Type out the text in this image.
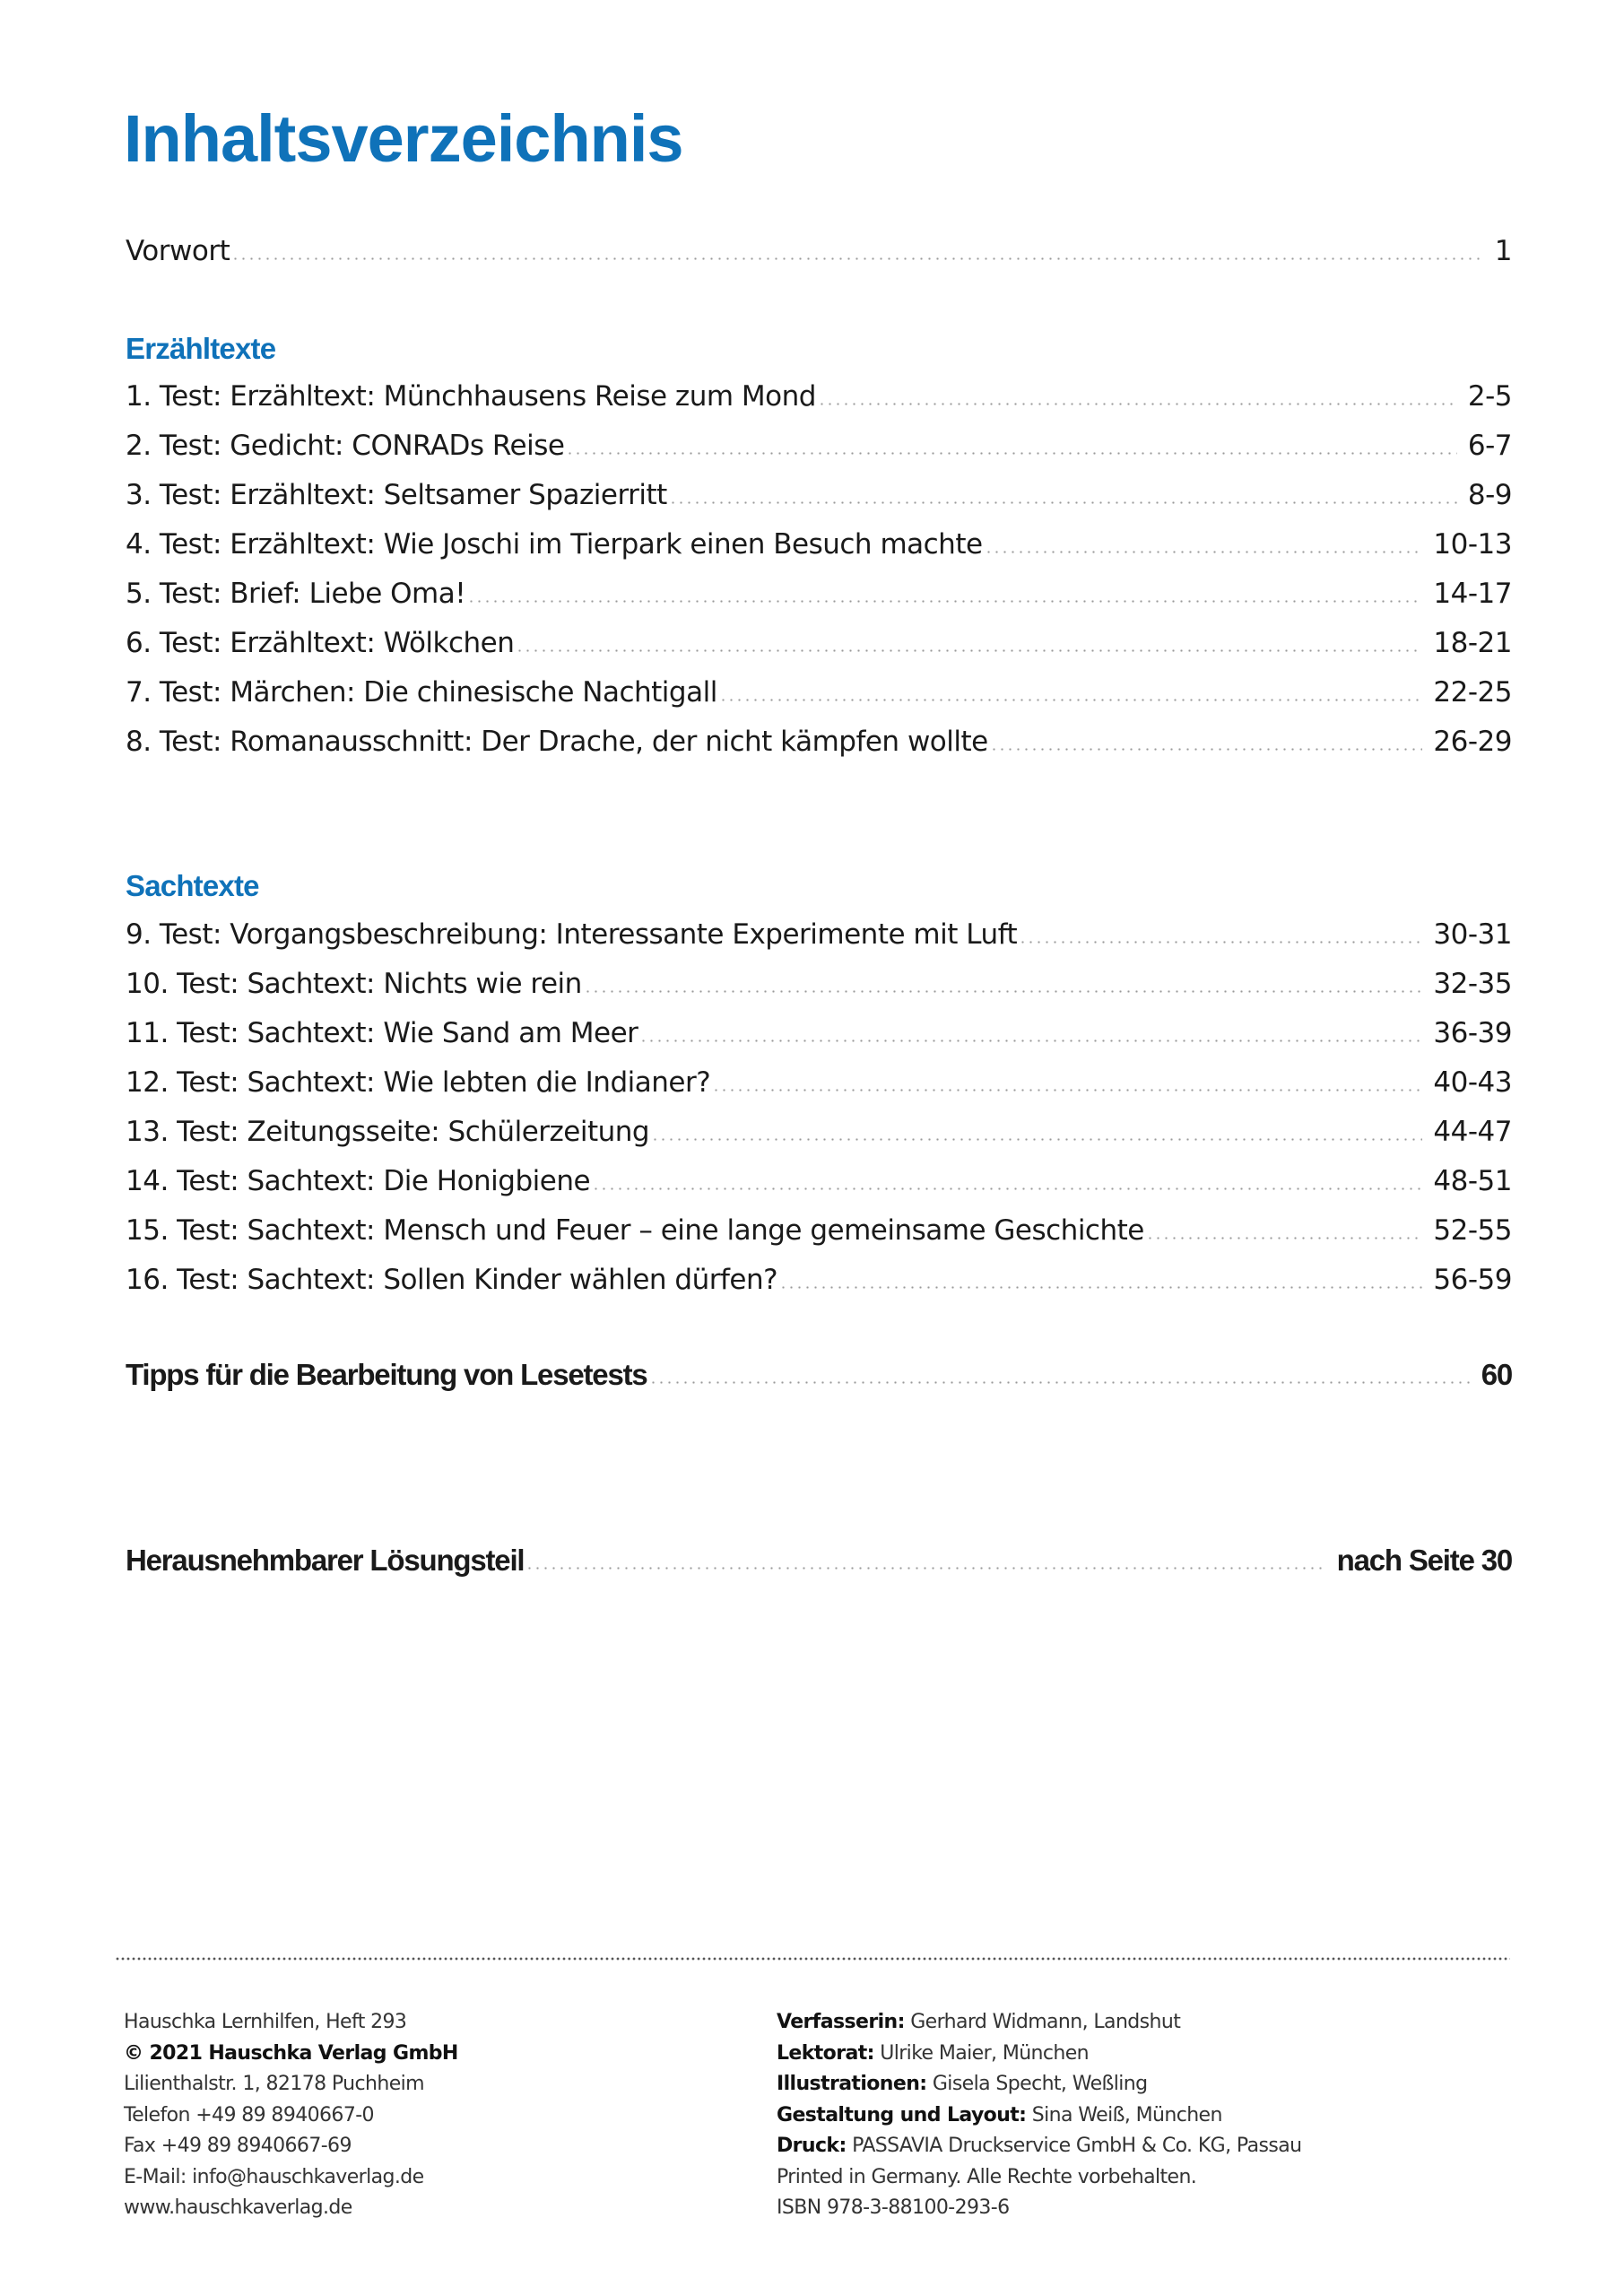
Inhaltsverzeichnis
Vorwort	1
Erzähltexte
1. Test: Erzähltext: Münchhausens Reise zum Mond	2-5
2. Test: Gedicht: CONRADs Reise	6-7
3. Test: Erzähltext: Seltsamer Spazierritt	8-9
4. Test: Erzähltext: Wie Joschi im Tierpark einen Besuch machte	10-13
5. Test: Brief: Liebe Oma!	14-17
6. Test: Erzähltext: Wölkchen	18-21
7. Test: Märchen: Die chinesische Nachtigall	22-25
8. Test: Romanausschnitt: Der Drache, der nicht kämpfen wollte	26-29
Sachtexte
9. Test: Vorgangsbeschreibung: Interessante Experimente mit Luft	30-31
10. Test: Sachtext: Nichts wie rein	32-35
11. Test: Sachtext: Wie Sand am Meer	36-39
12. Test: Sachtext: Wie lebten die Indianer?	40-43
13. Test: Zeitungsseite: Schülerzeitung	44-47
14. Test: Sachtext: Die Honigbiene	48-51
15. Test: Sachtext: Mensch und Feuer – eine lange gemeinsame Geschichte	52-55
16. Test: Sachtext: Sollen Kinder wählen dürfen?	56-59
Tipps für die Bearbeitung von Lesetests	60
Herausnehmbarer Lösungsteil	nach Seite 30
Hauschka Lernhilfen, Heft 293
© 2021 Hauschka Verlag GmbH
Lilienthalstr. 1, 82178 Puchheim
Telefon +49 89 8940667-0
Fax +49 89 8940667-69
E-Mail: info@hauschkaverlag.de
www.hauschkaverlag.de
Verfasserin: Gerhard Widmann, Landshut
Lektorat: Ulrike Maier, München
Illustrationen: Gisela Specht, Weßling
Gestaltung und Layout: Sina Weiß, München
Druck: PASSAVIA Druckservice GmbH & Co. KG, Passau
Printed in Germany. Alle Rechte vorbehalten.
ISBN 978-3-88100-293-6
